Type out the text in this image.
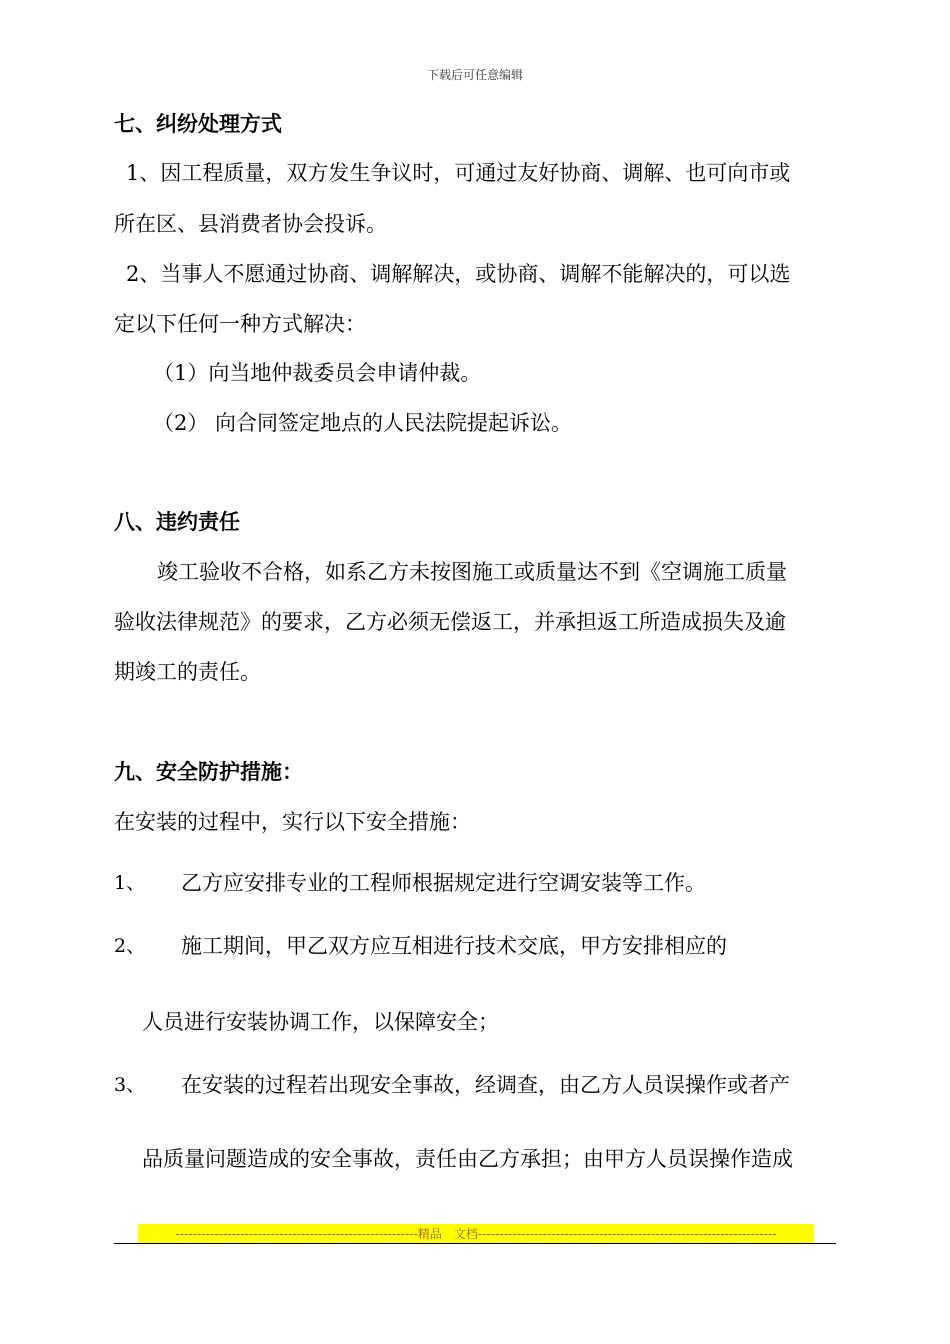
下载后可任意编辑
七、纠纷处理方式
1、因工程质量，双方发生争议时，可通过友好协商、调解、也可向市或
所在区、县消费者协会投诉。
2、当事人不愿通过协商、调解解决，或协商、调解不能解决的，可以选
定以下任何一种方式解决：
（1）向当地仲裁委员会申请仲裁。
（2） 向合同签定地点的人民法院提起诉讼。
八、违约责任
竣工验收不合格，如系乙方未按图施工或质量达不到《空调施工质量
验收法律规范》的要求，乙方必须无偿返工，并承担返工所造成损失及逾
期竣工的责任。
九、安全防护措施：
在安装的过程中，实行以下安全措施：
1、 乙方应安排专业的工程师根据规定进行空调安装等工作。
2、 施工期间，甲乙双方应互相进行技术交底，甲方安排相应的
人员进行安装协调工作，以保障安全；
3、 在安装的过程若出现安全事故，经调查，由乙方人员误操作或者产
品质量问题造成的安全事故，责任由乙方承担；由甲方人员误操作造成
--------------------------------------------------------精品　文档---------------------------------------------------------------------
